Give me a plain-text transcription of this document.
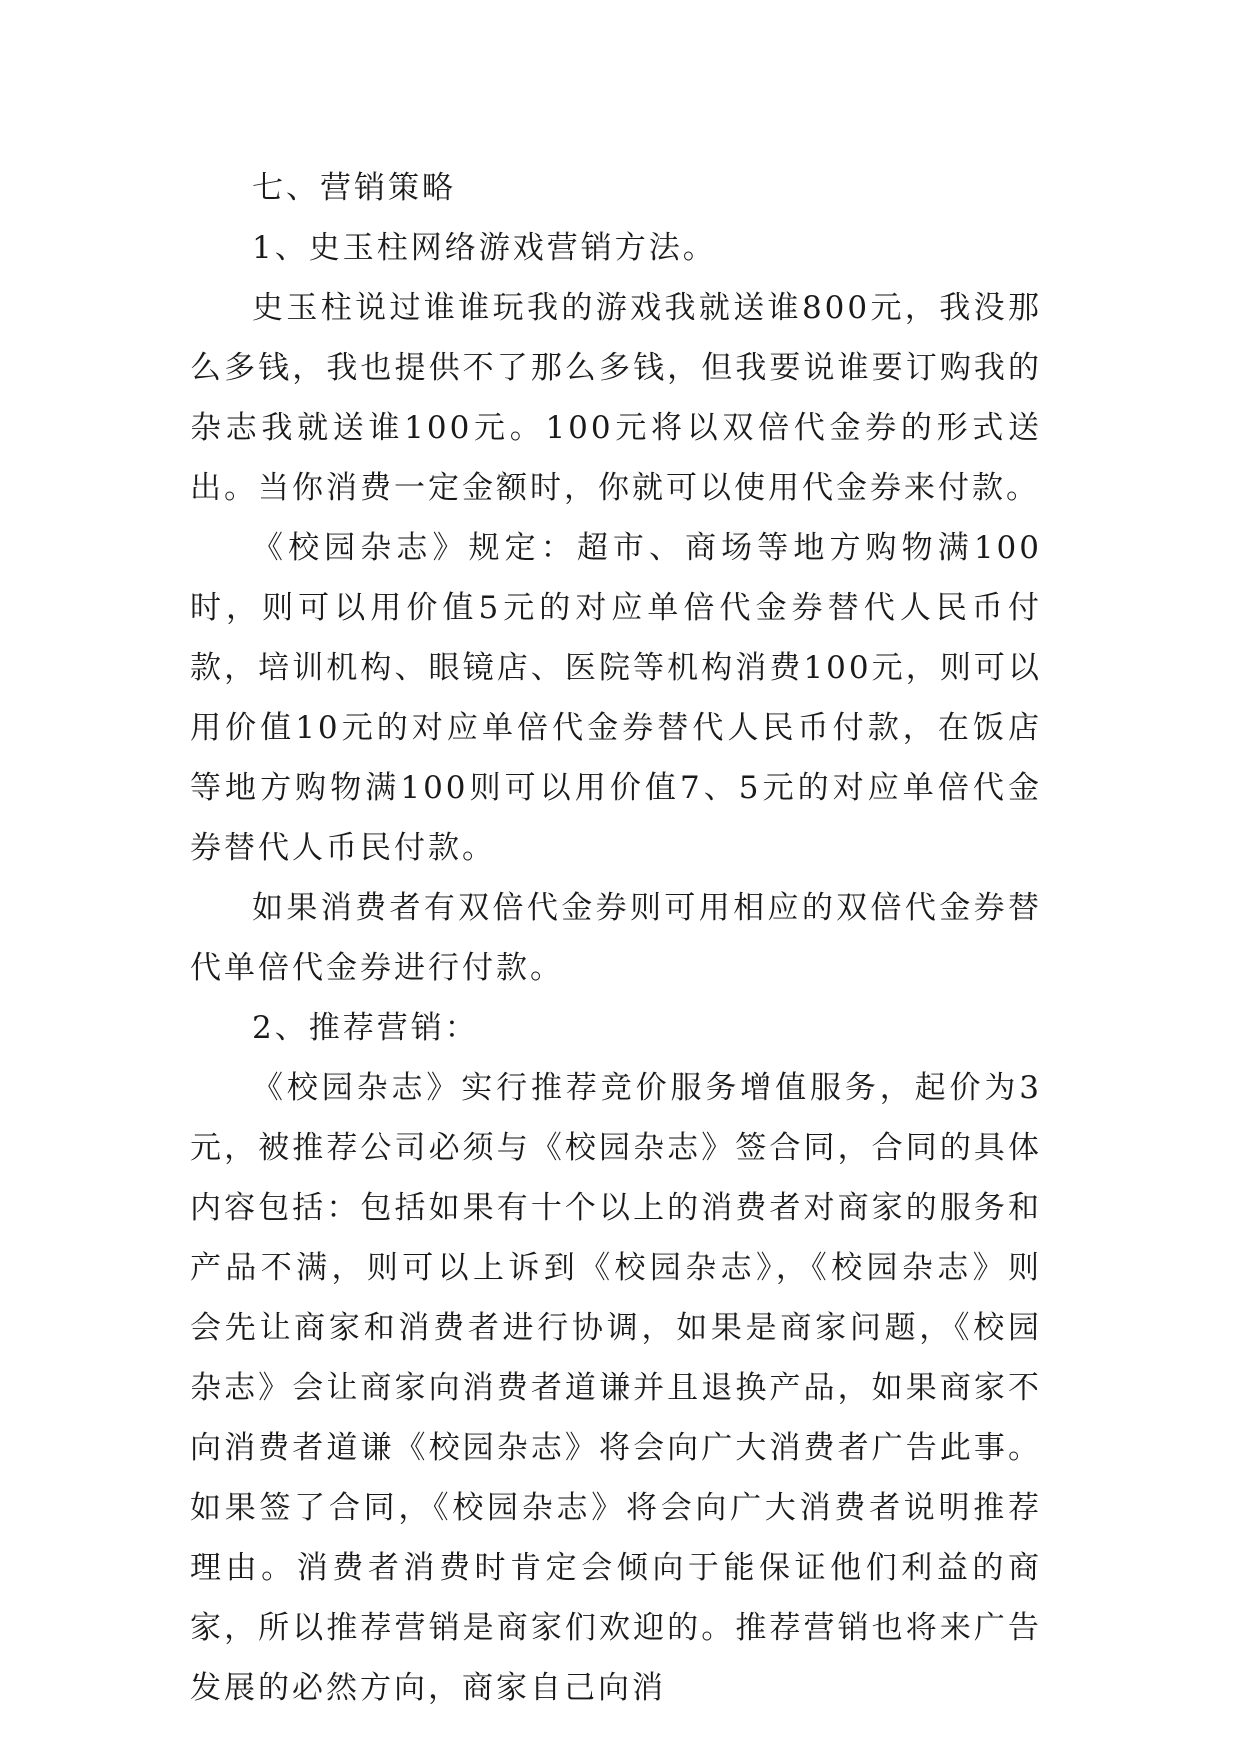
七、营销策略

1、史玉柱网络游戏营销方法。

史玉柱说过谁谁玩我的游戏我就送谁800元，我没那么多钱，我也提供不了那么多钱，但我要说谁要订购我的杂志我就送谁100元。100元将以双倍代金券的形式送出。当你消费一定金额时，你就可以使用代金券来付款。

《校园杂志》规定：超市、商场等地方购物满100时，则可以用价值5元的对应单倍代金券替代人民币付款，培训机构、眼镜店、医院等机构消费100元，则可以用价值10元的对应单倍代金券替代人民币付款，在饭店等地方购物满100则可以用价值7、5元的对应单倍代金券替代人币民付款。

如果消费者有双倍代金券则可用相应的双倍代金券替代单倍代金券进行付款。

2、推荐营销：

《校园杂志》实行推荐竞价服务增值服务，起价为3元，被推荐公司必须与《校园杂志》签合同，合同的具体内容包括：包括如果有十个以上的消费者对商家的服务和产品不满，则可以上诉到《校园杂志》，《校园杂志》则会先让商家和消费者进行协调，如果是商家问题，《校园杂志》会让商家向消费者道谦并且退换产品，如果商家不向消费者道谦《校园杂志》将会向广大消费者广告此事。如果签了合同，《校园杂志》将会向广大消费者说明推荐理由。消费者消费时肯定会倾向于能保证他们利益的商家，所以推荐营销是商家们欢迎的。推荐营销也将来广告发展的必然方向，商家自己向消
